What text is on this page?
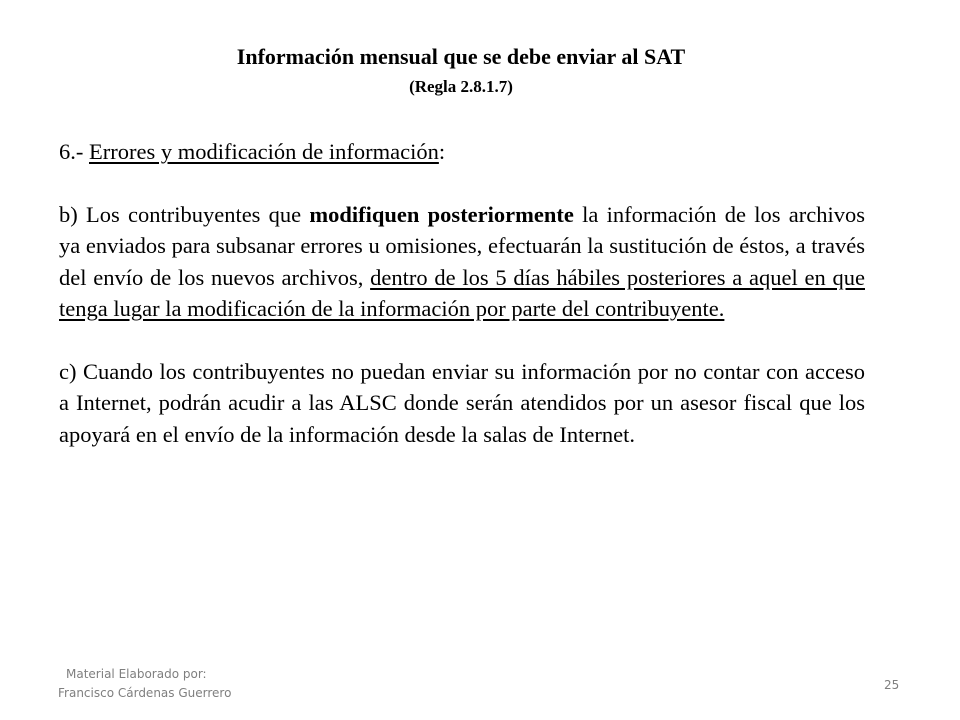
Información mensual que se debe enviar al SAT
(Regla 2.8.1.7)

6.- Errores y modificación de información:

b) Los contribuyentes que modifiquen posteriormente la información de los archivos ya enviados para subsanar errores u omisiones, efectuarán la sustitución de éstos, a través del envío de los nuevos archivos, dentro de los 5 días hábiles posteriores a aquel en que tenga lugar la modificación de la información por parte del contribuyente.

c) Cuando los contribuyentes no puedan enviar su información por no contar con acceso a Internet, podrán acudir a las ALSC donde serán atendidos por un asesor fiscal que los apoyará en el envío de la información desde la salas de Internet.

Material Elaborado por:
Francisco Cárdenas Guerrero
25
